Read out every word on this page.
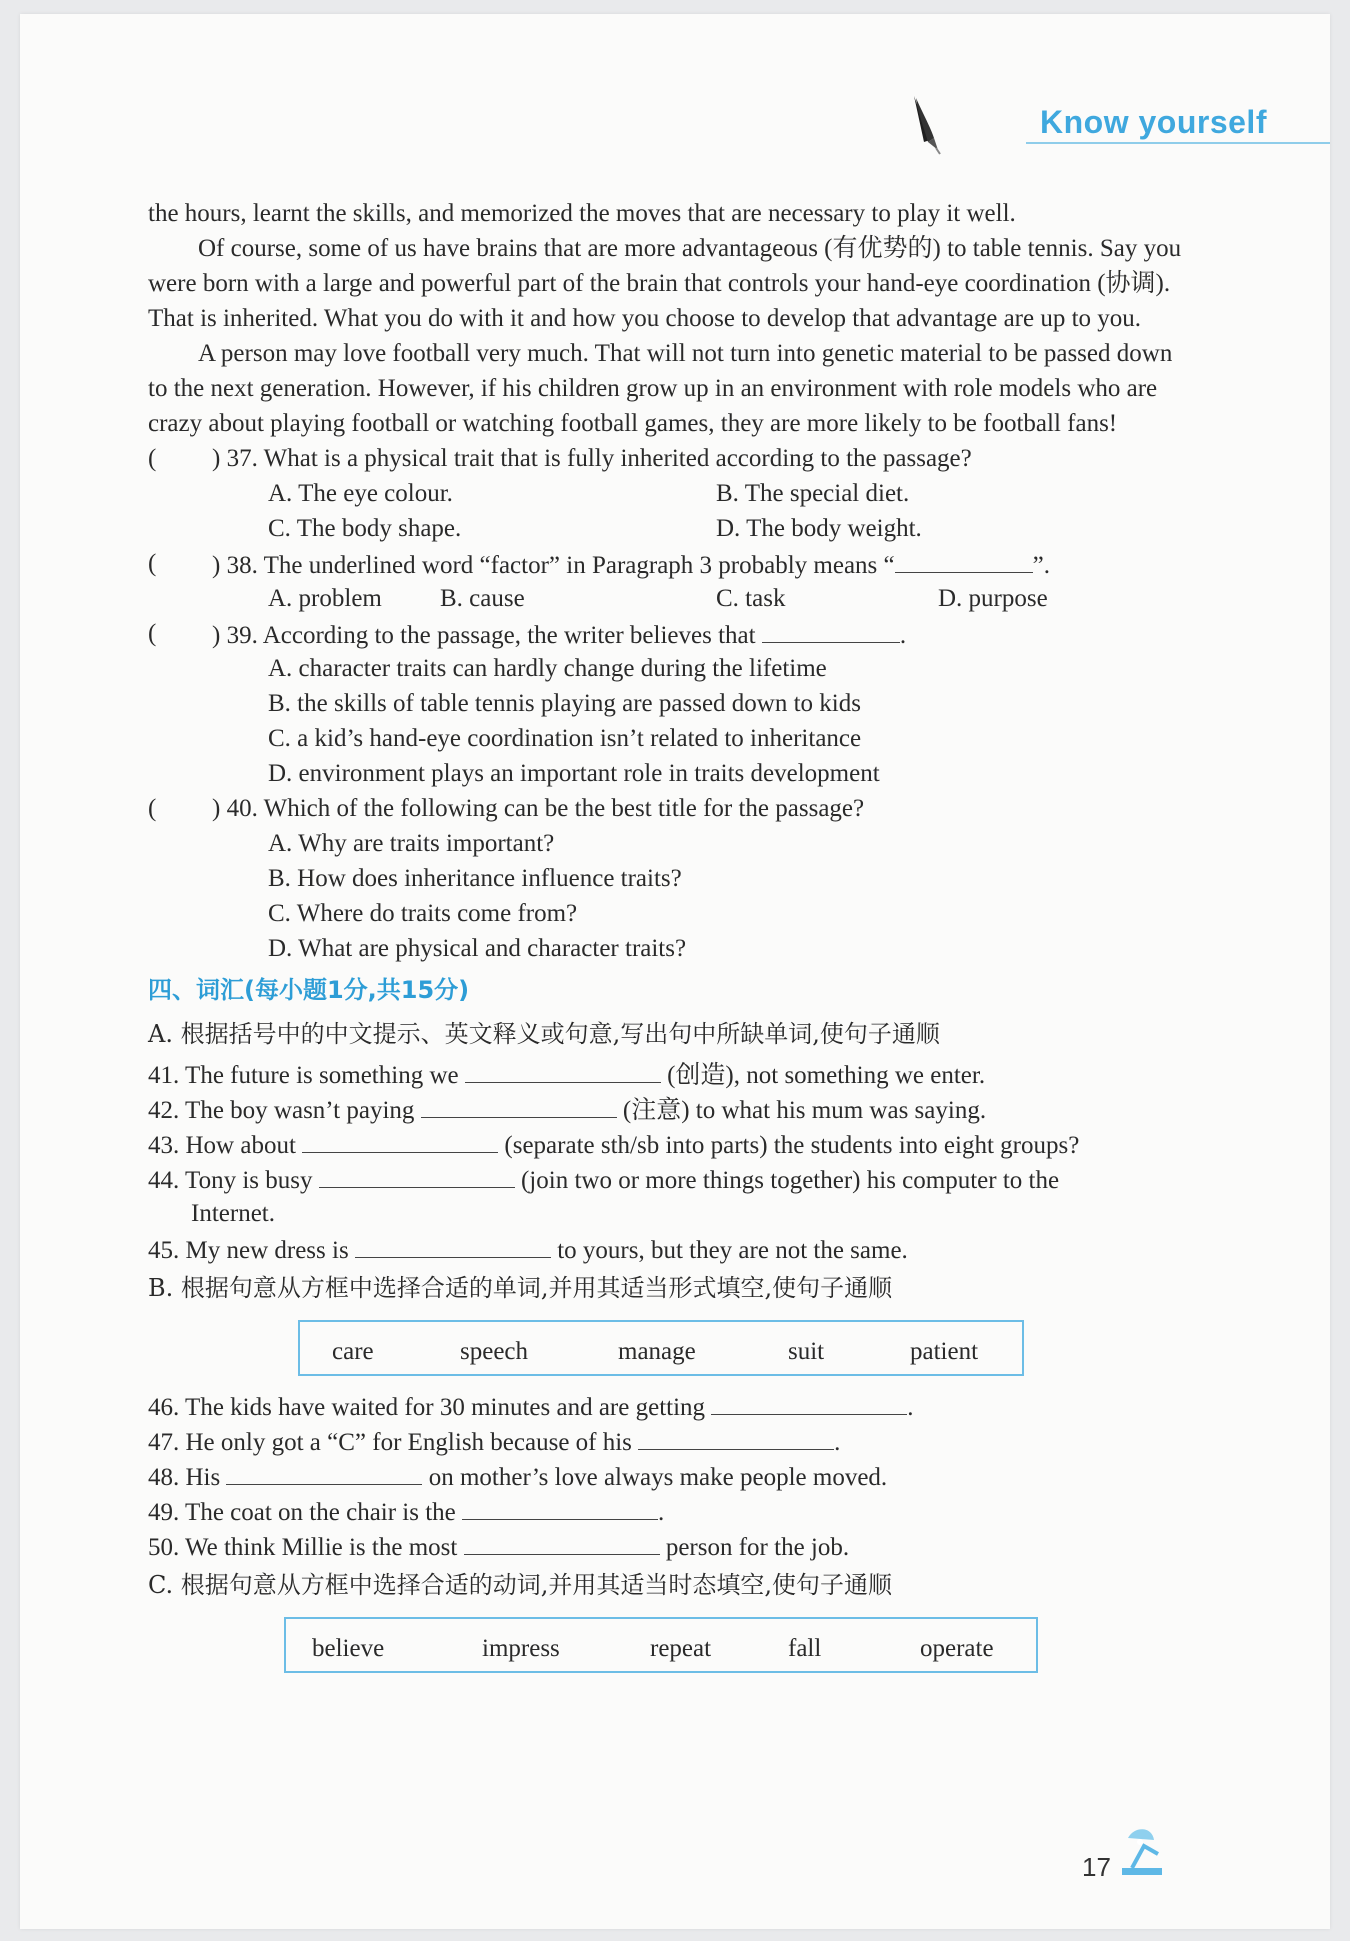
Know yourself

the hours, learnt the skills, and memorized the moves that are necessary to play it well.

Of course, some of us have brains that are more advantageous (有优势的) to table tennis. Say you were born with a large and powerful part of the brain that controls your hand-eye coordination (协调). That is inherited. What you do with it and how you choose to develop that advantage are up to you.

A person may love football very much. That will not turn into genetic material to be passed down to the next generation. However, if his children grow up in an environment with role models who are crazy about playing football or watching football games, they are more likely to be football fans!

( ) 37. What is a physical trait that is fully inherited according to the passage?
A. The eye colour.	B. The special diet.
C. The body shape.	D. The body weight.
( ) 38. The underlined word “factor” in Paragraph 3 probably means “	”.
A. problem B. cause	C. task	D. purpose
( ) 39. According to the passage, the writer believes that	.
A. character traits can hardly change during the lifetime
B. the skills of table tennis playing are passed down to kids
C. a kid’s hand-eye coordination isn’t related to inheritance
D. environment plays an important role in traits development
( ) 40. Which of the following can be the best title for the passage?
A. Why are traits important?
B. How does inheritance influence traits?
C. Where do traits come from?
D. What are physical and character traits?
四、词汇(每小题1分,共15分)
A. 根据括号中的中文提示、英文释义或句意,写出句中所缺单词,使句子通顺
41. The future is something we	(创造), not something we enter.
42. The boy wasn’t paying	(注意) to what his mum was saying.
43. How about	(separate sth/sb into parts) the students into eight groups?
44. Tony is busy	(join two or more things together) his computer to the
Internet.
45. My new dress is	to yours, but they are not the same.
B. 根据句意从方框中选择合适的单词,并用其适当形式填空,使句子通顺
care	speech	manage	suit	patient
46. The kids have waited for 30 minutes and are getting	.
47. He only got a “C” for English because of his	.
48. His	on mother’s love always make people moved.
49. The coat on the chair is the	.
50. We think Millie is the most	person for the job.
C. 根据句意从方框中选择合适的动词,并用其适当时态填空,使句子通顺
believe	impress	repeat	fall	operate
17
